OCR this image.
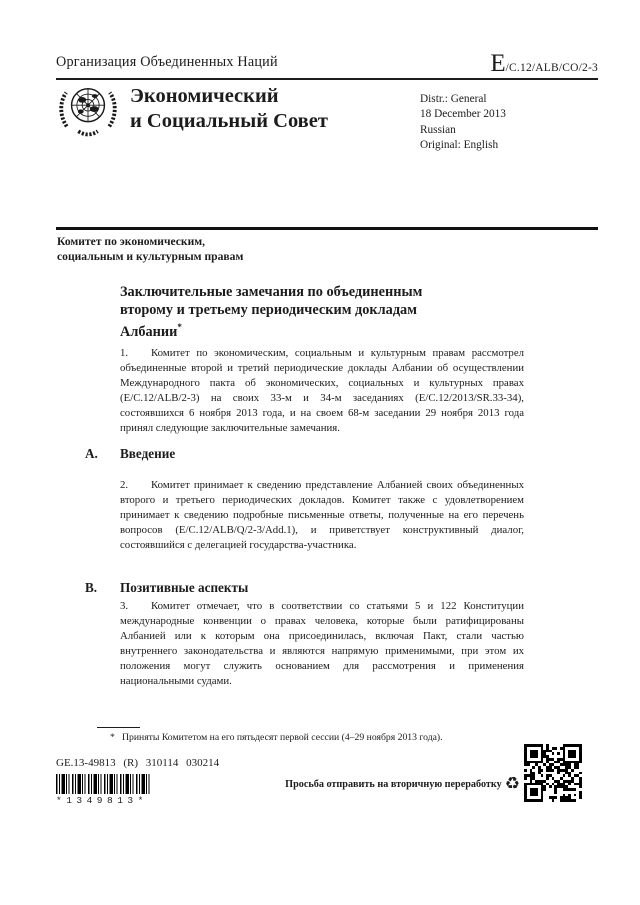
Организация Объединенных Наций	E /C.12/ALB/CO/2-3
Экономический
и Социальный Совет
Distr.: General
18 December 2013
Russian
Original: English
Комитет по экономическим,
социальным и культурным правам
Заключительные замечания по объединенным второму и третьему периодическим докладам Албании*
1. Комитет по экономическим, социальным и культурным правам рассмотрел объединенные второй и третий периодические доклады Албании об осуществлении Международного пакта об экономических, социальных и культурных правах (E/C.12/ALB/2-3) на своих 33-м и 34-м заседаниях (E/C.12/2013/SR.33-34), состоявшихся 6 ноября 2013 года, и на своем 68-м заседании 29 ноября 2013 года принял следующие заключительные замечания.
A.	Введение
2. Комитет принимает к сведению представление Албанией своих объединенных второго и третьего периодических докладов. Комитет также с удовлетворением принимает к сведению подробные письменные ответы, полученные на его перечень вопросов (E/C.12/ALB/Q/2-3/Add.1), и приветствует конструктивный диалог, состоявшийся с делегацией государства-участника.
B.	Позитивные аспекты
3. Комитет отмечает, что в соответствии со статьями 5 и 122 Конституции международные конвенции о правах человека, которые были ратифицированы Албанией или к которым она присоединилась, включая Пакт, стали частью внутреннего законодательства и являются напрямую применимыми, при этом их положения могут служить основанием для рассмотрения и применения национальными судами.
* Приняты Комитетом на его пятьдесят первой сессии (4–29 ноября 2013 года).
GE.13-49813 (R) 310114 030214
*1349813*
Просьба отправить на вторичную переработку ♻
